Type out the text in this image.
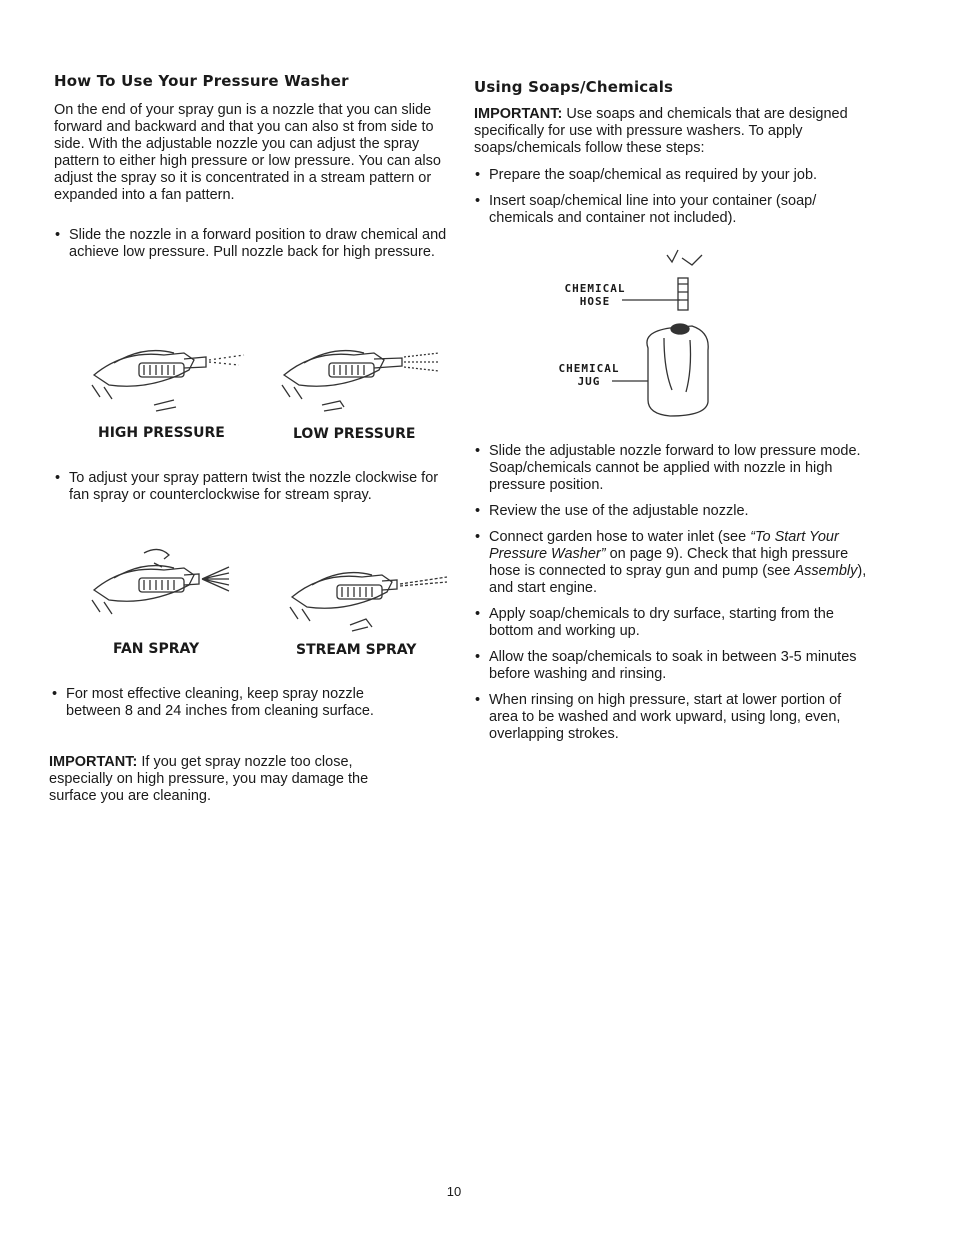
How To Use Your Pressure Washer

On the end of your spray gun is a nozzle that you can slide forward and backward and that you can also st from side to side. With the adjustable nozzle you can adjust the spray pattern to either high pressure or low pressure. You can also adjust the spray so it is concentrated in a stream pattern or expanded into a fan pattern.

• Slide the nozzle in a forward position to draw chemical and achieve low pressure. Pull nozzle back for high pressure.
HIGH PRESSURE	LOW PRESSURE
• To adjust your spray pattern twist the nozzle clockwise for fan spray or counterclockwise for stream spray.
FAN SPRAY	STREAM SPRAY
• For most effective cleaning, keep spray nozzle between 8 and 24 inches from cleaning surface.

IMPORTANT: If you get spray nozzle too close, especially on high pressure, you may damage the surface you are cleaning.

Using Soaps/Chemicals

IMPORTANT: Use soaps and chemicals that are designed specifically for use with pressure washers. To apply soaps/chemicals follow these steps:

• Prepare the soap/chemical as required by your job.
• Insert soap/chemical line into your container (soap/ chemicals and container not included).
CHEMICAL
HOSE
CHEMICAL
JUG
• Slide the adjustable nozzle forward to low pressure mode. Soap/chemicals cannot be applied with nozzle in high pressure position.
• Review the use of the adjustable nozzle.
• Connect garden hose to water inlet (see “To Start Your Pressure Washer” on page 9). Check that high pressure hose is connected to spray gun and pump (see Assembly), and start engine.
• Apply soap/chemicals to dry surface, starting from the bottom and working up.
• Allow the soap/chemicals to soak in between 3-5 minutes before washing and rinsing.
• When rinsing on high pressure, start at lower portion of area to be washed and work upward, using long, even, overlapping strokes.
10
